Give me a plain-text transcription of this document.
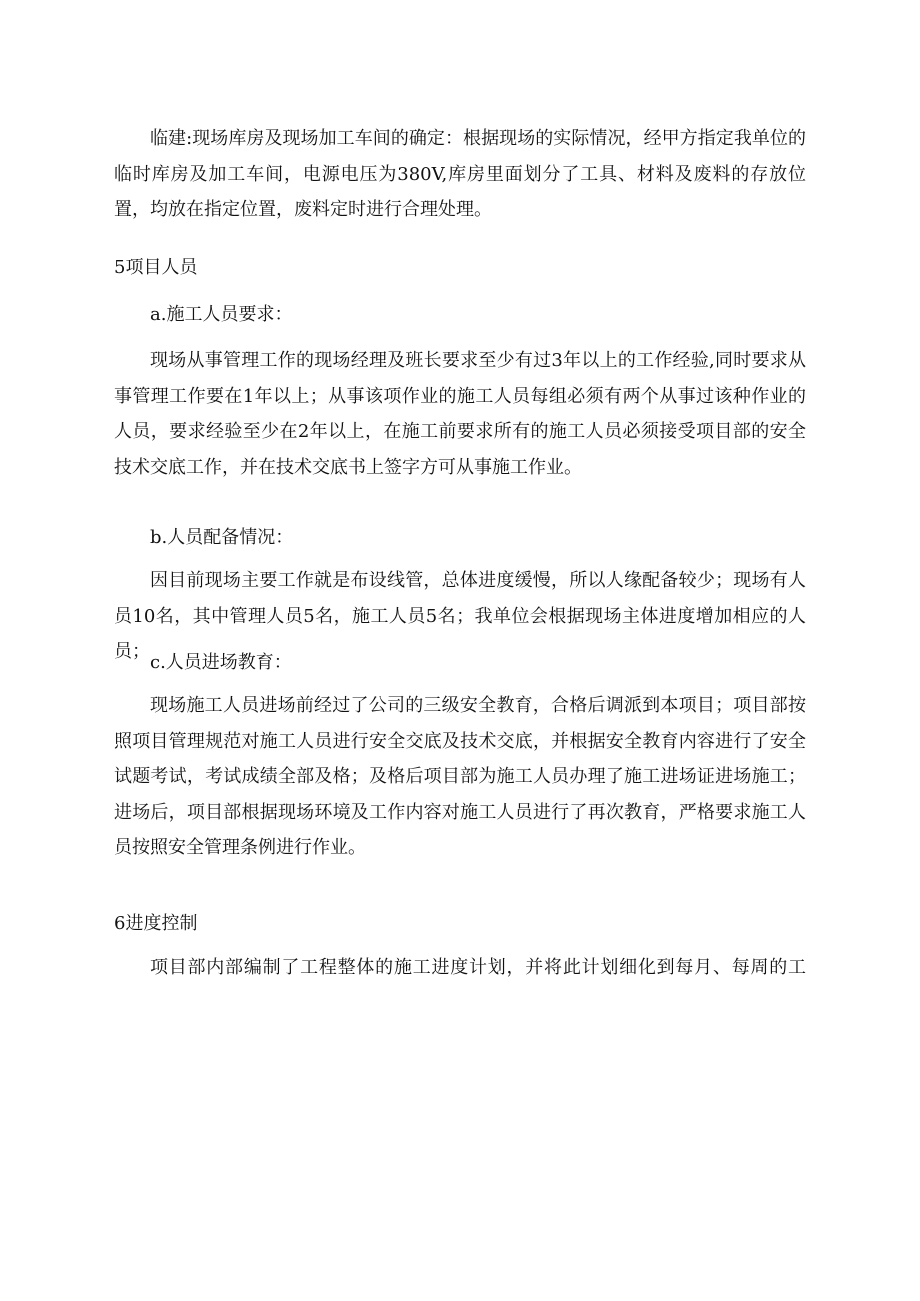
临建:现场库房及现场加工车间的确定：根据现场的实际情况，经甲方指定我单位的临时库房及加工车间，电源电压为380V,库房里面划分了工具、材料及废料的存放位置，均放在指定位置，废料定时进行合理处理。

5项目人员

a.施工人员要求：

现场从事管理工作的现场经理及班长要求至少有过3年以上的工作经验,同时要求从事管理工作要在1年以上；从事该项作业的施工人员每组必须有两个从事过该种作业的人员，要求经验至少在2年以上，在施工前要求所有的施工人员必须接受项目部的安全技术交底工作，并在技术交底书上签字方可从事施工作业。

b.人员配备情况：

因目前现场主要工作就是布设线管，总体进度缓慢，所以人缘配备较少；现场有人员10名，其中管理人员5名，施工人员5名；我单位会根据现场主体进度增加相应的人员；

c.人员进场教育：

现场施工人员进场前经过了公司的三级安全教育，合格后调派到本项目；项目部按照项目管理规范对施工人员进行安全交底及技术交底，并根据安全教育内容进行了安全试题考试，考试成绩全部及格；及格后项目部为施工人员办理了施工进场证进场施工；进场后，项目部根据现场环境及工作内容对施工人员进行了再次教育，严格要求施工人员按照安全管理条例进行作业。

6进度控制

项目部内部编制了工程整体的施工进度计划，并将此计划细化到每月、每周的工
